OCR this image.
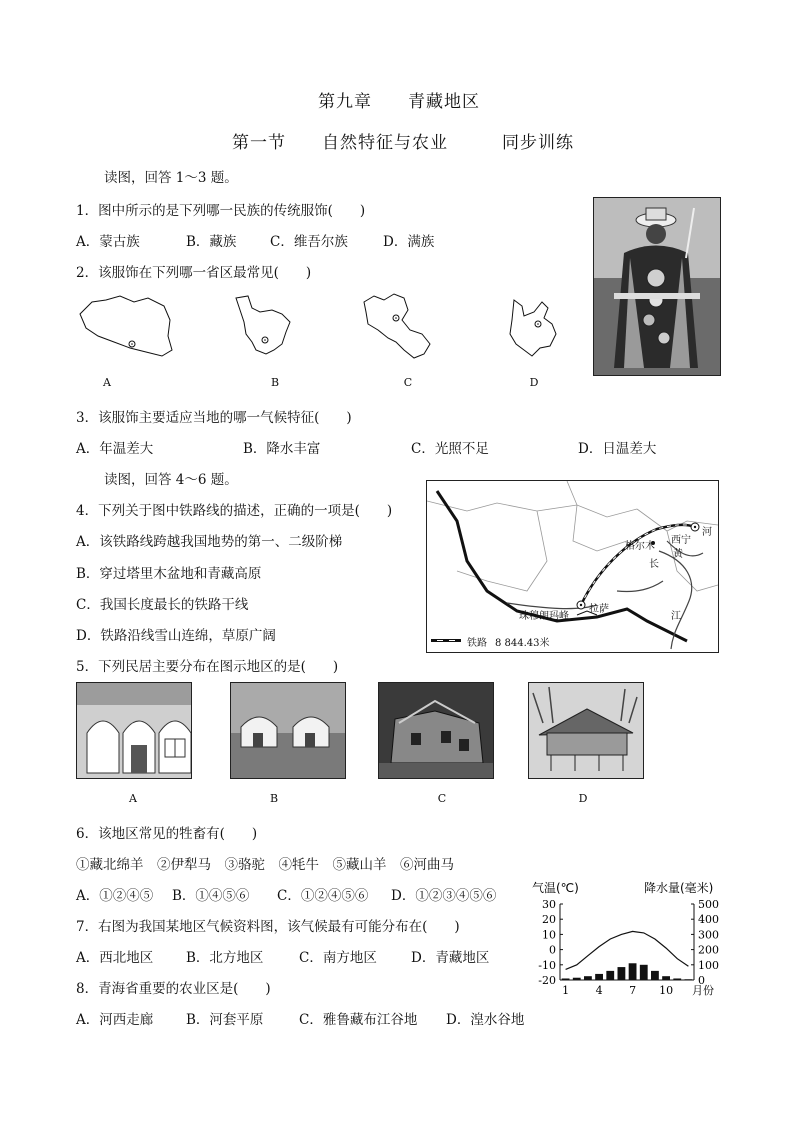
第九章　　青藏地区
第一节　　自然特征与农业　　　同步训练
读图，回答 1～3 题。
1．图中所示的是下列哪一民族的传统服饰(　　)
A．蒙古族	B．藏族 C．维吾尔族	D．满族
2．该服饰在下列哪一省区最常见(　　)
A	B	C	D
3．该服饰主要适应当地的哪一气候特征(　　)
A．年温差大	B．降水丰富	C．光照不足	D．日温差大
读图，回答 4～6 题。
4．下列关于图中铁路线的描述，正确的一项是(　　)
A．该铁路线跨越我国地势的第一、二级阶梯
B．穿过塔里木盆地和青藏高原
C．我国长度最长的铁路干线
D．铁路沿线雪山连绵，草原广阔
西宁
河
黄
格尔木
长
拉萨
江
珠穆朗玛峰
铁路 8 844.43米
5．下列民居主要分布在图示地区的是(　　)
A	B	C	D
6．该地区常见的牲畜有(　　)
①藏北绵羊　②伊犁马　③骆驼　④牦牛　⑤藏山羊　⑥河曲马
A．①②④⑤ B．①④⑤⑥ C．①②④⑤⑥ D．①②③④⑤⑥
7．右图为我国某地区气候资料图，该气候最有可能分布在(　　)
A．西北地区 B．北方地区	C．南方地区	D．青藏地区
8．青海省重要的农业区是(　　)
A．河西走廊 B．河套平原	C．雅鲁藏布江谷地 D．湟水谷地
气温(℃)	降水量(毫米)
30
20
10
0
-10
-20
500
400
300
200
100
0
1 4 7 10 月份
